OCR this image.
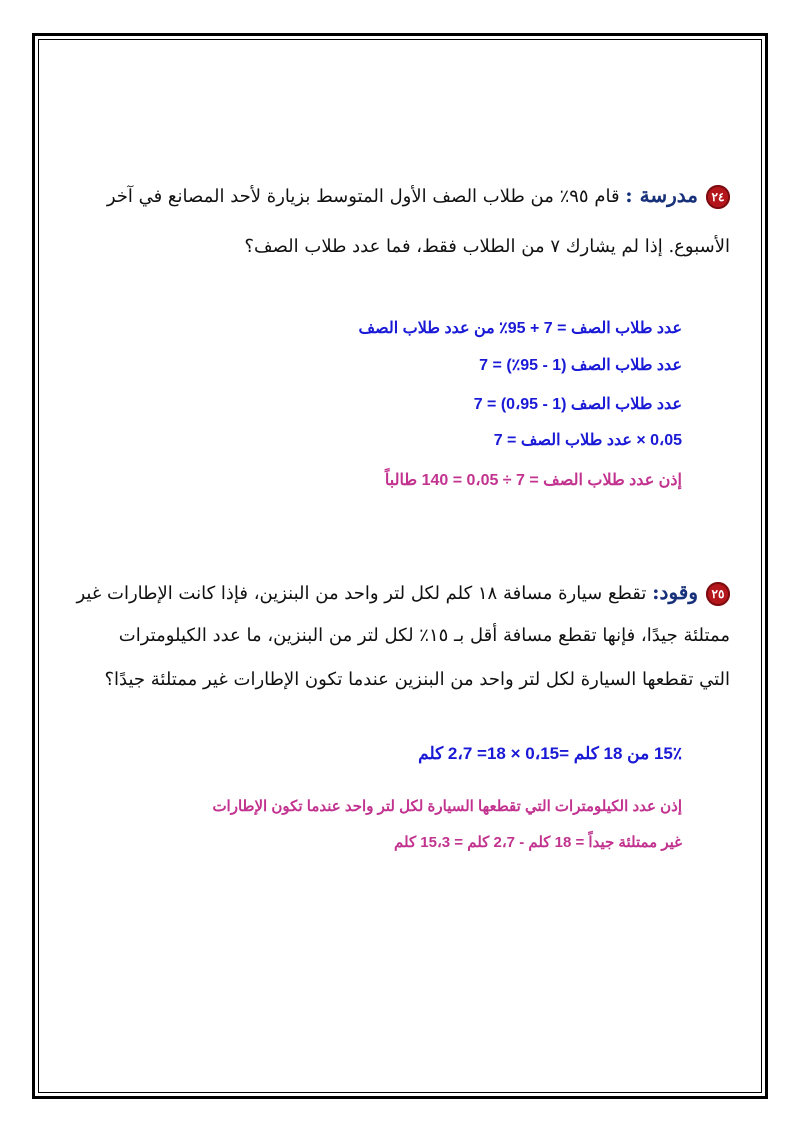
٢٤مدرسة : قام ٩٥٪ من طلاب الصف الأول المتوسط بزيارة لأحد المصانع في آخر
الأسبوع. إذا لم يشارك ٧ من الطلاب فقط، فما عدد طلاب الصف؟
عدد طلاب الصف = 7 + 95٪ من عدد طلاب الصف
عدد طلاب الصف (1 - 95٪) = 7
عدد طلاب الصف (1 - 0،95) = 7
0،05 × عدد طلاب الصف = 7
إذن عدد طلاب الصف = 7 ÷ 0،05 = 140 طالباً
٢٥وقود: تقطع سيارة مسافة ١٨ كلم لكل لتر واحد من البنزين، فإذا كانت الإطارات غير
ممتلئة جيدًا، فإنها تقطع مسافة أقل بـ ١٥٪ لكل لتر من البنزين، ما عدد الكيلومترات
التي تقطعها السيارة لكل لتر واحد من البنزين عندما تكون الإطارات غير ممتلئة جيدًا؟
15٪ من 18 كلم =0،15 × 18= 2،7 كلم
إذن عدد الكيلومترات التي تقطعها السيارة لكل لتر واحد عندما تكون الإطارات
غير ممتلئة جيداً = 18 كلم - 2،7 كلم = 15،3 كلم
